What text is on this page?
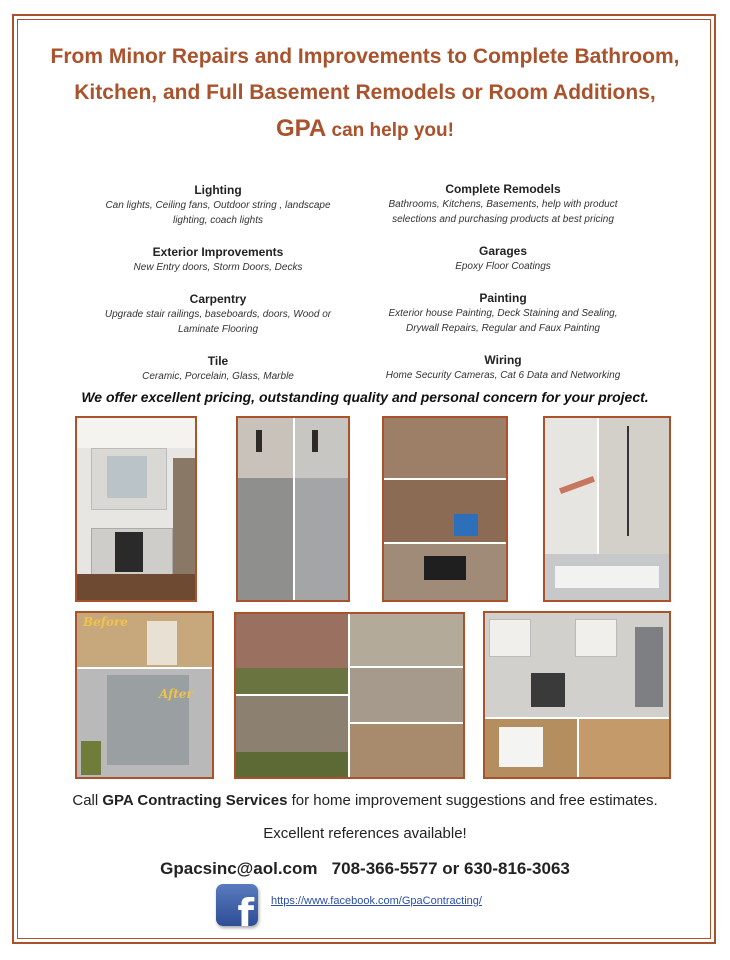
From Minor Repairs and Improvements to Complete Bathroom,
Kitchen, and Full Basement Remodels or Room Additions,
GPA can help you!
Lighting
Can lights, Ceiling fans, Outdoor string , landscape
lighting, coach lights
Exterior Improvements
New Entry doors, Storm Doors, Decks
Carpentry
Upgrade stair railings, baseboards, doors, Wood or
Laminate Flooring
Tile
Ceramic, Porcelain, Glass, Marble
Complete Remodels
Bathrooms, Kitchens, Basements, help with product
selections and purchasing products at best pricing
Garages
Epoxy Floor Coatings
Painting
Exterior house Painting, Deck Staining and Sealing,
Drywall Repairs, Regular and Faux Painting
Wiring
Home Security Cameras, Cat 6 Data and Networking
We offer excellent pricing, outstanding quality and personal concern for your project.
Before
After
Call GPA Contracting Services for home improvement suggestions and free estimates.
Excellent references available!
Gpacsinc@aol.com 708-366-5577 or 630-816-3063
f https://www.facebook.com/GpaContracting/
